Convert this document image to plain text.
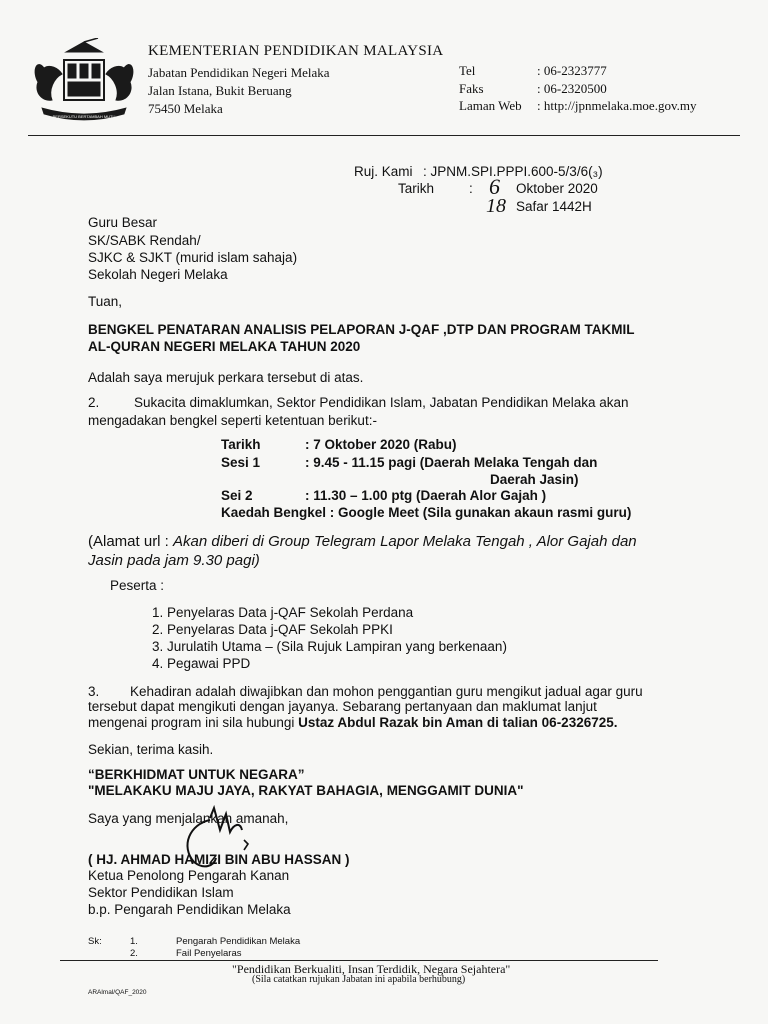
BERSEKUTU BERTAMBAH MUTU
KEMENTERIAN PENDIDIKAN MALAYSIA
Jabatan Pendidikan Negeri Melaka
Jalan Istana, Bukit Beruang
75450 Melaka
Tel	: 06-2323777
Faks	: 06-2320500
Laman Web : http://jpnmelaka.moe.gov.my
Ruj. Kami : JPNM.SPI.PPPI.600-5/3/6(₃)
Tarikh	: 6 Oktober 2020
18 Safar 1442H
Guru Besar
SK/SABK Rendah/
SJKC & SJKT (murid islam sahaja)
Sekolah Negeri Melaka
Tuan,
BENGKEL PENATARAN ANALISIS PELAPORAN J-QAF ,DTP DAN PROGRAM TAKMIL
AL-QURAN NEGERI MELAKA TAHUN 2020
Adalah saya merujuk perkara tersebut di atas.
2.	Sukacita dimaklumkan, Sektor Pendidikan Islam, Jabatan Pendidikan Melaka akan
mengadakan bengkel seperti ketentuan berikut:-
Tarikh	: 7 Oktober 2020 (Rabu)
Sesi 1	: 9.45 - 11.15 pagi (Daerah Melaka Tengah dan
Daerah Jasin)
Sei 2	: 11.30 – 1.00 ptg (Daerah Alor Gajah )
Kaedah Bengkel : Google Meet (Sila gunakan akaun rasmi guru)
(Alamat url : Akan diberi di Group Telegram Lapor Melaka Tengah , Alor Gajah dan
Jasin pada jam 9.30 pagi)
Peserta :
1. Penyelaras Data j-QAF Sekolah Perdana
2. Penyelaras Data j-QAF Sekolah PPKI
3. Jurulatih Utama – (Sila Rujuk Lampiran yang berkenaan)
4. Pegawai PPD
3. Kehadiran adalah diwajibkan dan mohon penggantian guru mengikut jadual agar guru
tersebut dapat mengikuti dengan jayanya. Sebarang pertanyaan dan maklumat lanjut
mengenai program ini sila hubungi Ustaz Abdul Razak bin Aman di talian 06-2326725.
Sekian, terima kasih.
“BERKHIDMAT UNTUK NEGARA”
"MELAKAKU MAJU JAYA, RAKYAT BAHAGIA, MENGGAMIT DUNIA"
Saya yang menjalankan amanah,
( HJ. AHMAD HAMIZI BIN ABU HASSAN )
Ketua Penolong Pengarah Kanan
Sektor Pendidikan Islam
b.p. Pengarah Pendidikan Melaka
Sk:	1.	Pengarah Pendidikan Melaka
2.	Fail Penyelaras
"Pendidikan Berkualiti, Insan Terdidik, Negara Sejahtera"
(Sila catatkan rujukan Jabatan ini apabila berhubung)
ARAlmal/QAF_2020
